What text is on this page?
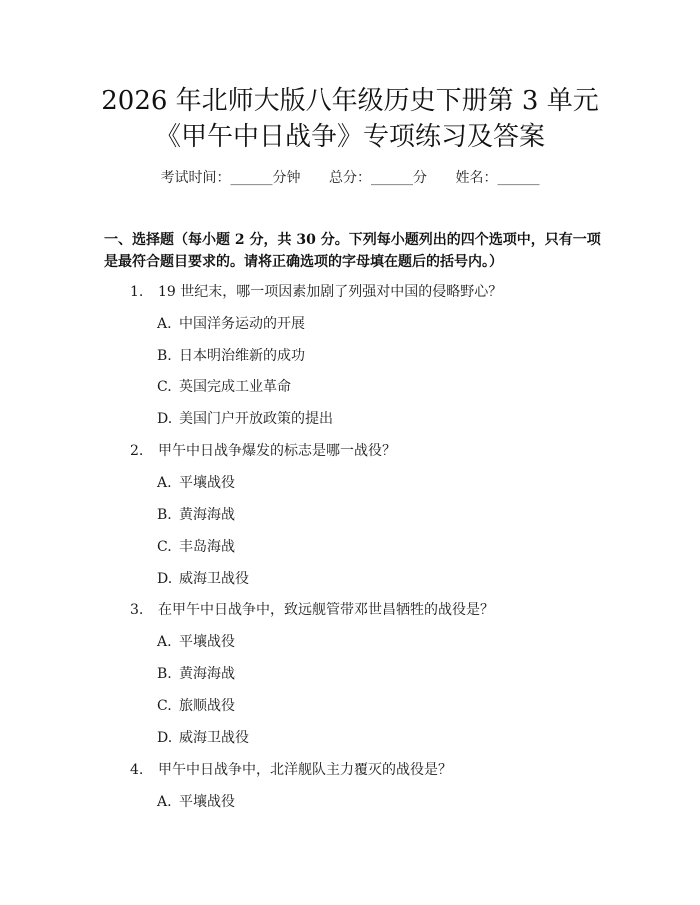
2026 年北师大版八年级历史下册第 3 单元
《甲午中日战争》专项练习及答案
考试时间：______分钟 总分：______分 姓名：______
一、选择题（每小题 2 分，共 30 分。下列每小题列出的四个选项中，只有一项是最符合题目要求的。请将正确选项的字母填在题后的括号内。）
1. 19 世纪末，哪一项因素加剧了列强对中国的侵略野心？
A. 中国洋务运动的开展
B. 日本明治维新的成功
C. 英国完成工业革命
D. 美国门户开放政策的提出
2. 甲午中日战争爆发的标志是哪一战役？
A. 平壤战役
B. 黄海海战
C. 丰岛海战
D. 威海卫战役
3. 在甲午中日战争中，致远舰管带邓世昌牺牲的战役是？
A. 平壤战役
B. 黄海海战
C. 旅顺战役
D. 威海卫战役
4. 甲午中日战争中，北洋舰队主力覆灭的战役是？
A. 平壤战役
